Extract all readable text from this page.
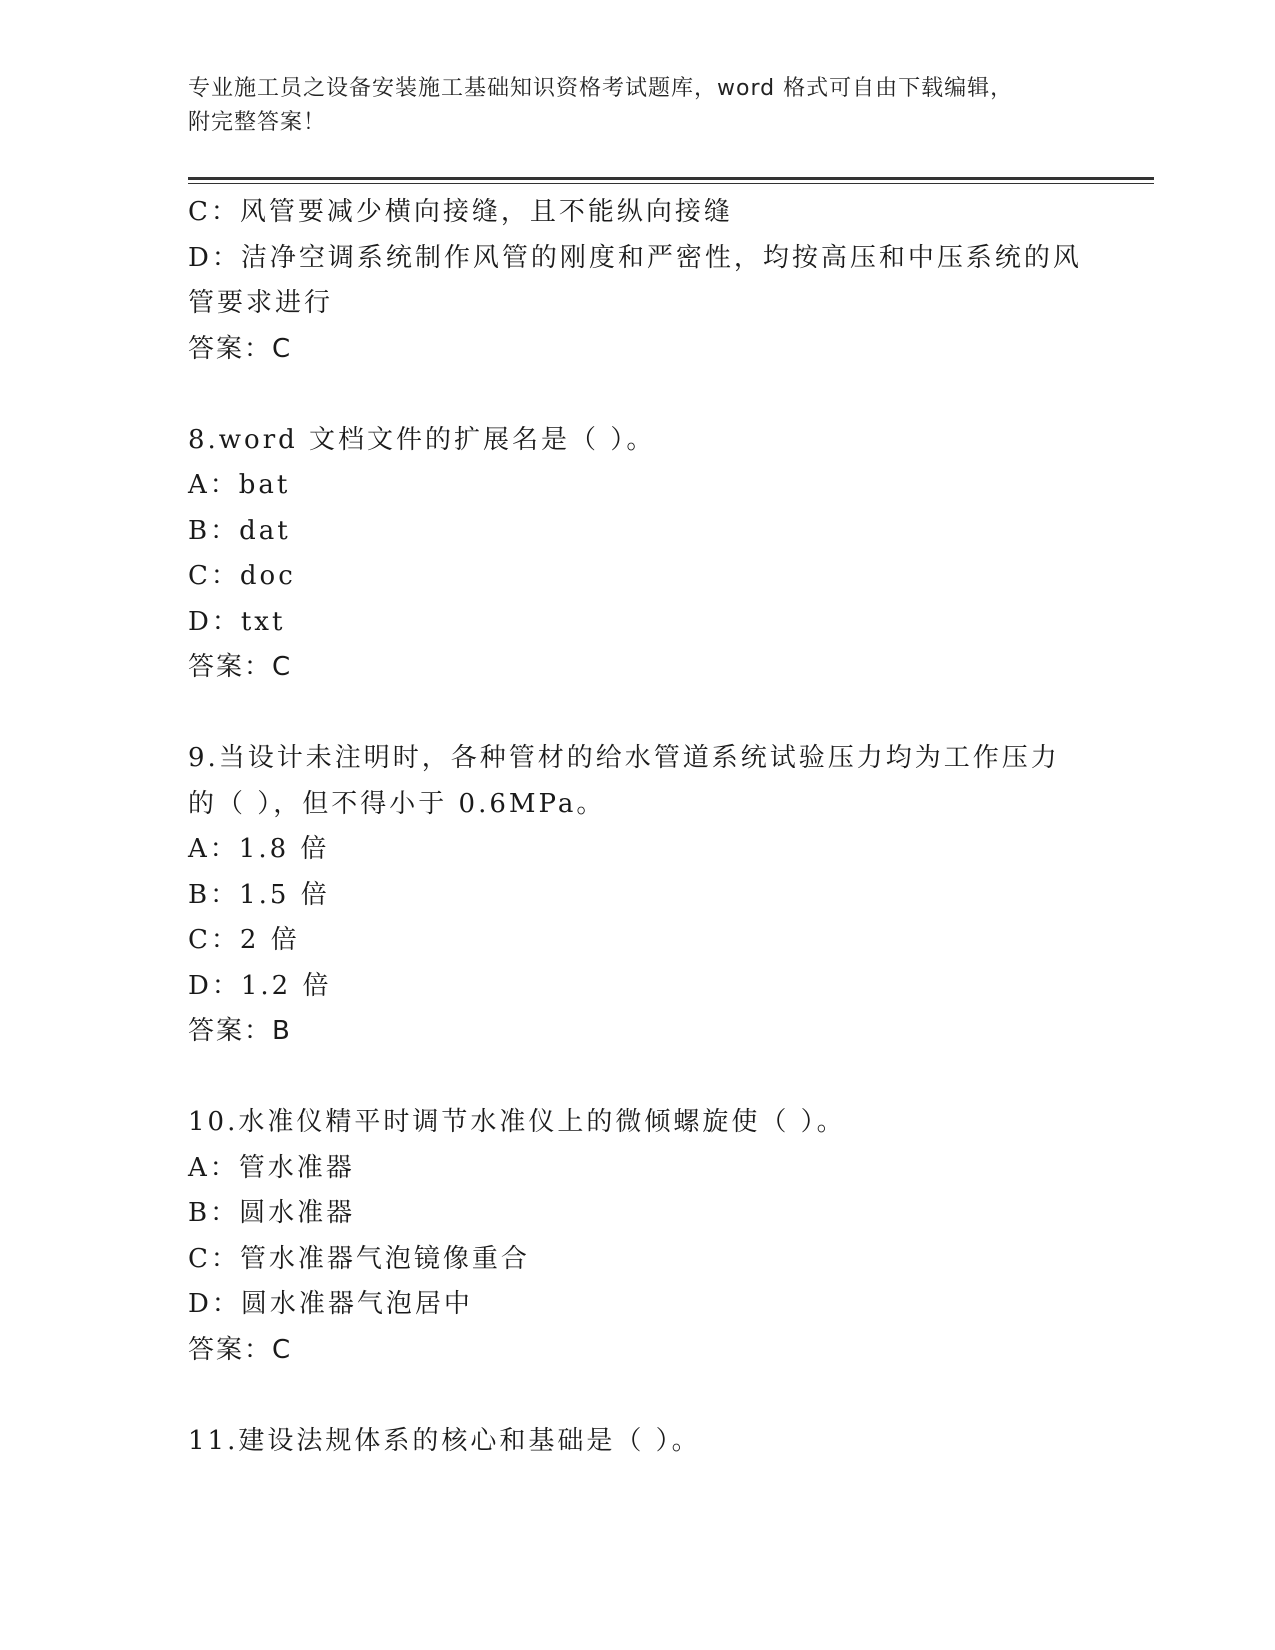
专业施工员之设备安装施工基础知识资格考试题库，word 格式可自由下载编辑，
附完整答案！
C：风管要减少横向接缝，且不能纵向接缝
D：洁净空调系统制作风管的刚度和严密性，均按高压和中压系统的风
管要求进行
答案：C
8.word 文档文件的扩展名是（ ）。
A：bat
B：dat
C：doc
D：txt
答案：C
9.当设计未注明时，各种管材的给水管道系统试验压力均为工作压力
的（ ），但不得小于 0.6MPa。
A：1.8 倍
B：1.5 倍
C：2 倍
D：1.2 倍
答案：B
10.水准仪精平时调节水准仪上的微倾螺旋使（ ）。
A：管水准器
B：圆水准器
C：管水准器气泡镜像重合
D：圆水准器气泡居中
答案：C
11.建设法规体系的核心和基础是（ ）。
